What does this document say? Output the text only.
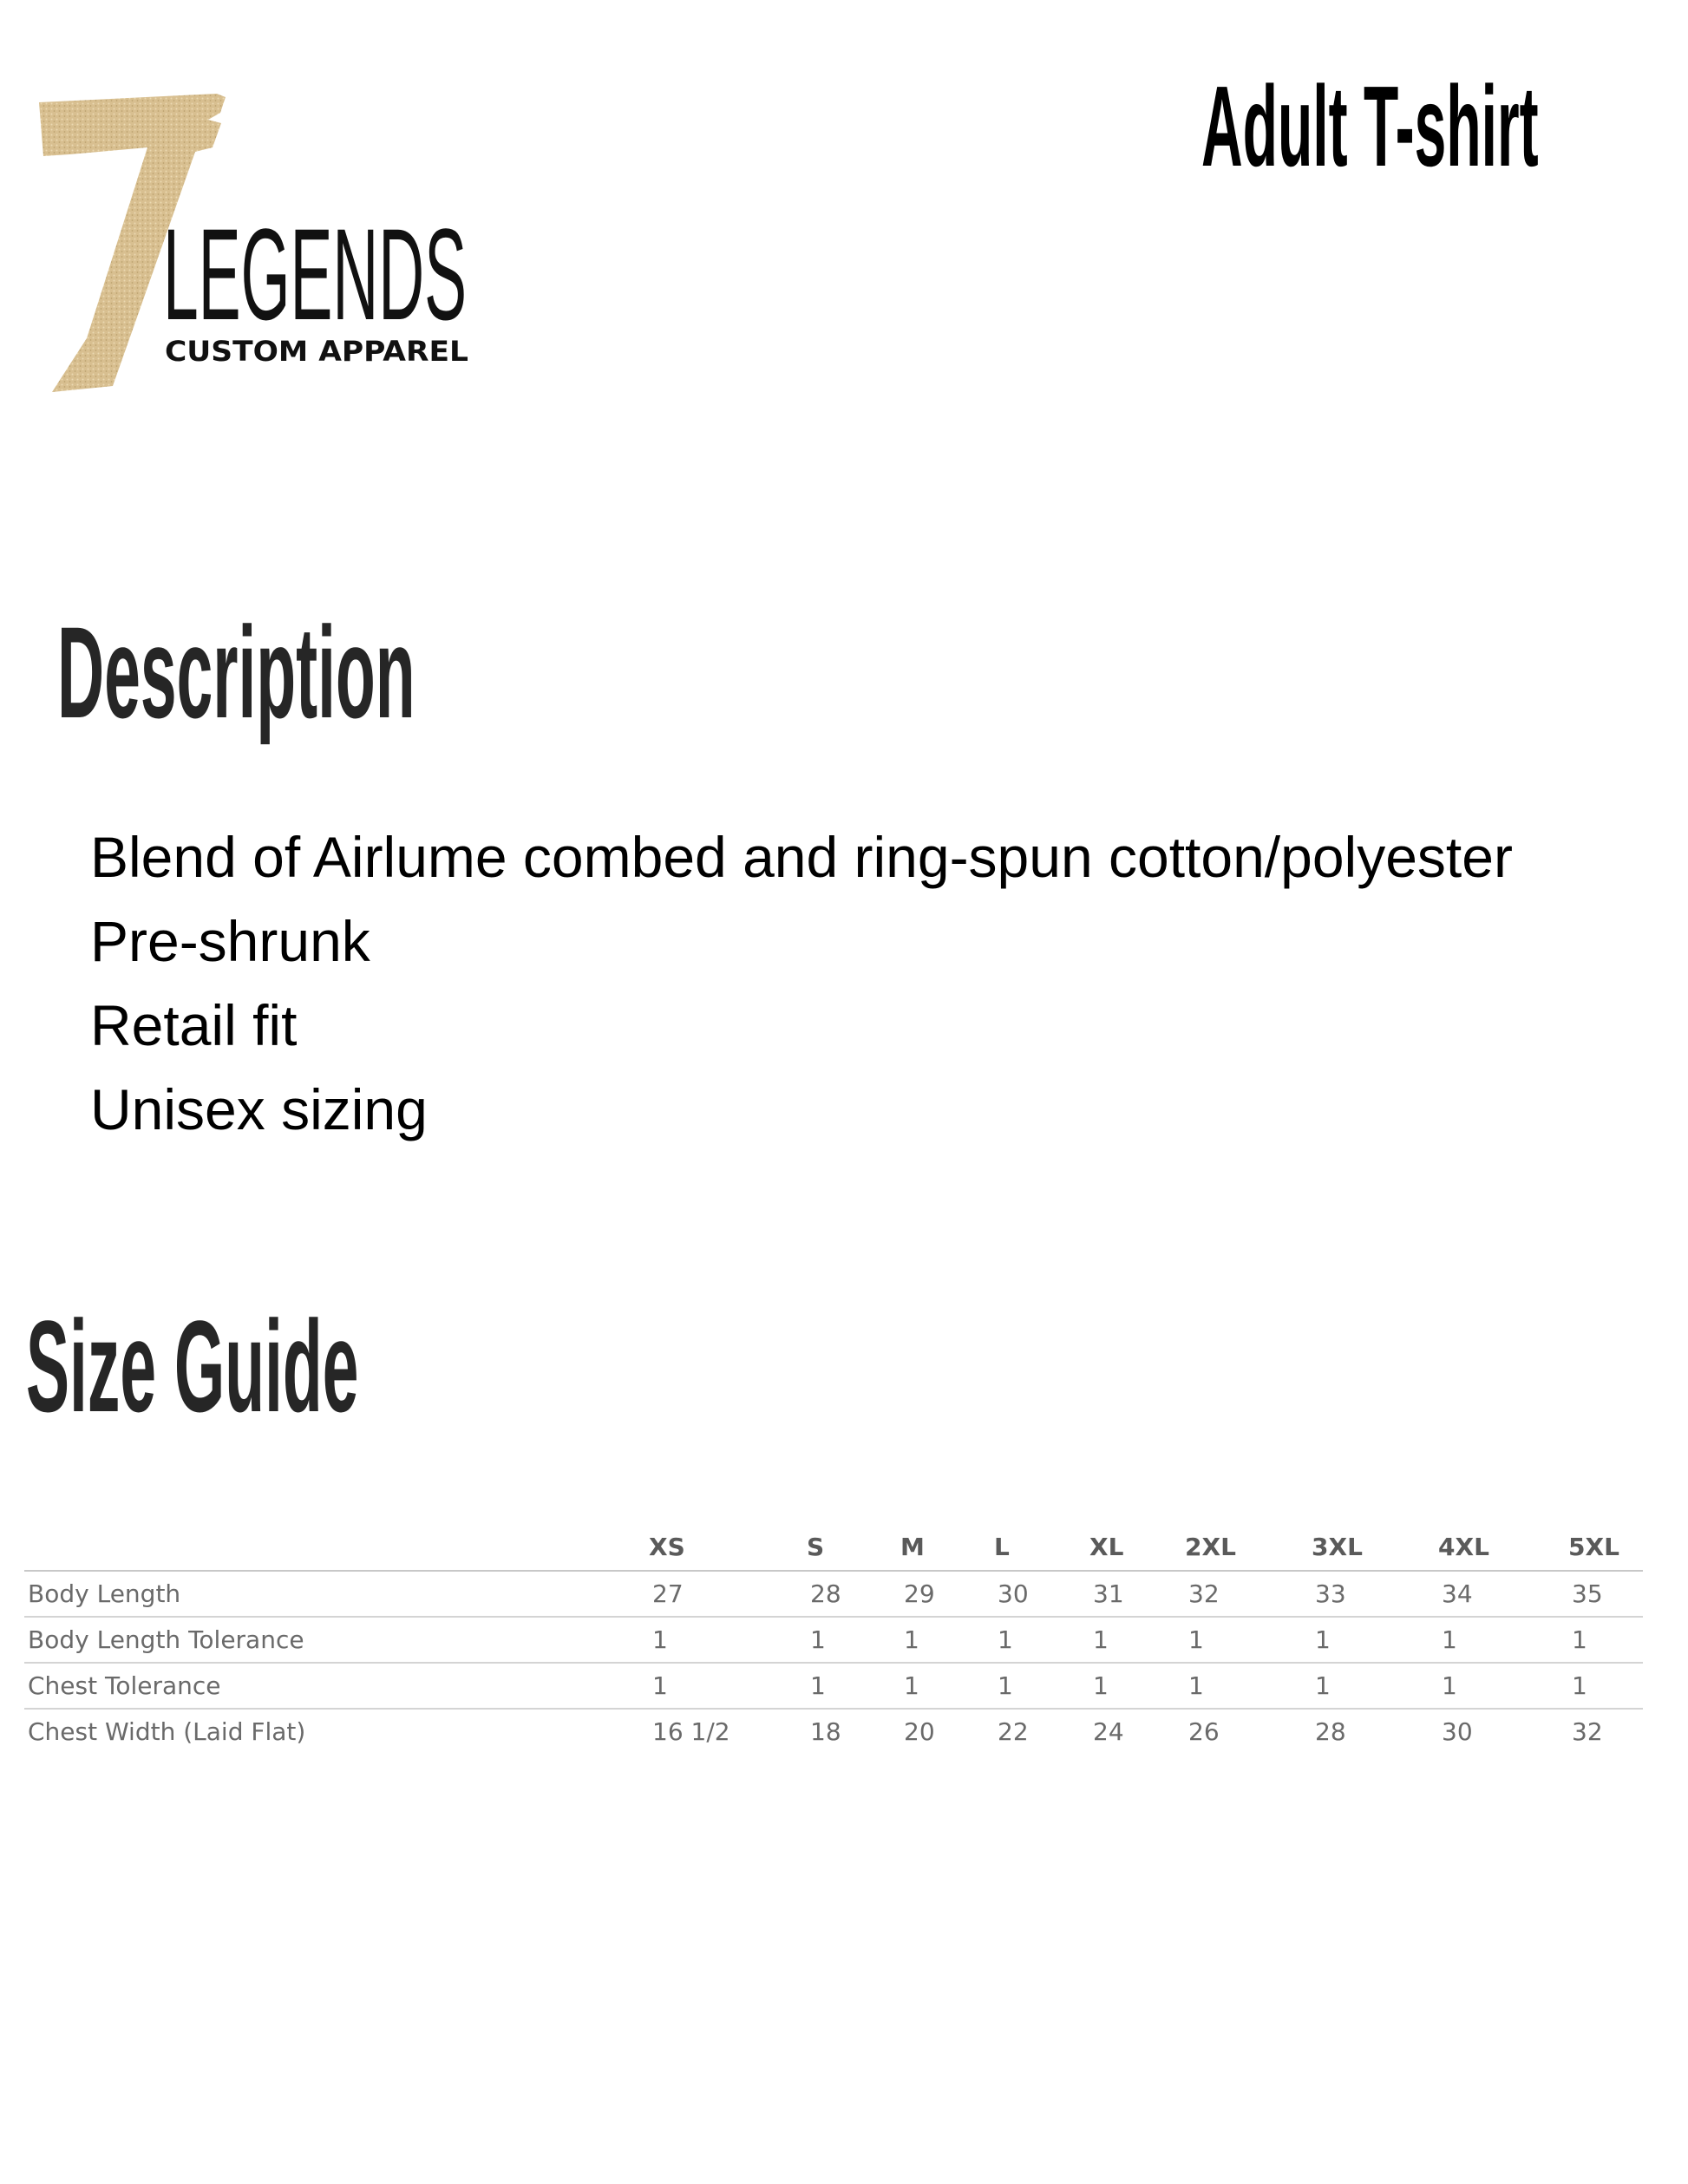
LEGENDS
CUSTOM APPAREL
Adult T-shirt
Description
Blend of Airlume combed and ring-spun cotton/polyester
Pre-shrunk
Retail fit
Unisex sizing
Size Guide
	XS	S	M	L	XL	2XL	3XL	4XL	5XL
Body Length	27	28	29	30	31	32	33	34	35
Body Length Tolerance	1	1	1	1	1	1	1	1	1
Chest Tolerance	1	1	1	1	1	1	1	1	1
Chest Width (Laid Flat)	16 1/2	18	20	22	24	26	28	30	32
